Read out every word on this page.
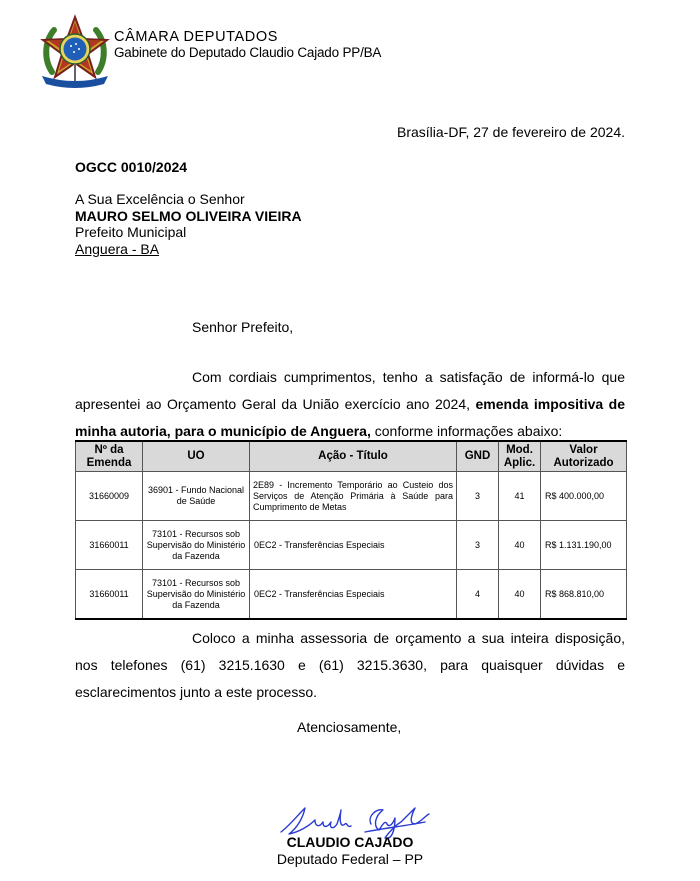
CÂMARA DEPUTADOS
Gabinete do Deputado Claudio Cajado PP/BA
Brasília-DF, 27 de fevereiro de 2024.
OGCC 0010/2024
A Sua Excelência o Senhor
MAURO SELMO OLIVEIRA VIEIRA
Prefeito Municipal
Anguera - BA
Senhor Prefeito,
Com cordiais cumprimentos, tenho a satisfação de informá-lo que apresentei ao Orçamento Geral da União exercício ano 2024, emenda impositiva de minha autoria, para o município de Anguera, conforme informações abaixo:
Nº da Emenda	UO	Ação - Título	GND	Mod. Aplic.	Valor Autorizado
31660009	36901 - Fundo Nacional de Saúde	2E89 - Incremento Temporário ao Custeio dos Serviços de Atenção Primária à Saúde para Cumprimento de Metas	3	41	R$ 400.000,00
31660011	73101 - Recursos sob Supervisão do Ministério da Fazenda	0EC2 - Transferências Especiais	3	40	R$ 1.131.190,00
31660011	73101 - Recursos sob Supervisão do Ministério da Fazenda	0EC2 - Transferências Especiais	4	40	R$ 868.810,00
Coloco a minha assessoria de orçamento a sua inteira disposição, nos telefones (61) 3215.1630 e (61) 3215.3630, para quaisquer dúvidas e esclarecimentos junto a este processo.
Atenciosamente,
CLAUDIO CAJADO
Deputado Federal – PP
